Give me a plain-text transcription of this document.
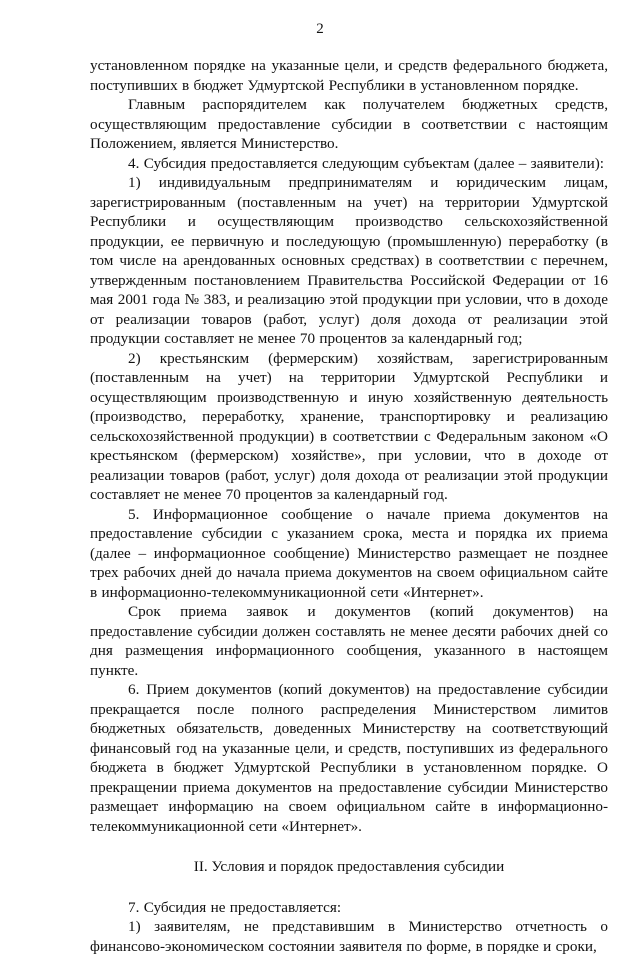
2

установленном порядке на указанные цели, и средств федерального бюджета, поступивших в бюджет Удмуртской Республики в установленном порядке.

Главным распорядителем как получателем бюджетных средств, осуществляющим предоставление субсидии в соответствии с настоящим Положением, является Министерство.

4. Субсидия предоставляется следующим субъектам (далее – заявители):

1) индивидуальным предпринимателям и юридическим лицам, зарегистрированным (поставленным на учет) на территории Удмуртской Республики и осуществляющим производство сельскохозяйственной продукции, ее первичную и последующую (промышленную) переработку (в том числе на арендованных основных средствах) в соответствии с перечнем, утвержденным постановлением Правительства Российской Федерации от 16 мая 2001 года № 383, и реализацию этой продукции при условии, что в доходе от реализации товаров (работ, услуг) доля дохода от реализации этой продукции составляет не менее 70 процентов за календарный год;

2) крестьянским (фермерским) хозяйствам, зарегистрированным (поставленным на учет) на территории Удмуртской Республики и осуществляющим производственную и иную хозяйственную деятельность (производство, переработку, хранение, транспортировку и реализацию сельскохозяйственной продукции) в соответствии с Федеральным законом «О крестьянском (фермерском) хозяйстве», при условии, что в доходе от реализации товаров (работ, услуг) доля дохода от реализации этой продукции составляет не менее 70 процентов за календарный год.

5. Информационное сообщение о начале приема документов на предоставление субсидии с указанием срока, места и порядка их приема (далее – информационное сообщение) Министерство размещает не позднее трех рабочих дней до начала приема документов на своем официальном сайте в информационно-телекоммуникационной сети «Интернет».

Срок приема заявок и документов (копий документов) на предоставление субсидии должен составлять не менее десяти рабочих дней со дня размещения информационного сообщения, указанного в настоящем пункте.

6. Прием документов (копий документов) на предоставление субсидии прекращается после полного распределения Министерством лимитов бюджетных обязательств, доведенных Министерству на соответствующий финансовый год на указанные цели, и средств, поступивших из федерального бюджета в бюджет Удмуртской Республики в установленном порядке. О прекращении приема документов на предоставление субсидии Министерство размещает информацию на своем официальном сайте в информационно-телекоммуникационной сети «Интернет».

II. Условия и порядок предоставления субсидии

7. Субсидия не предоставляется:

1) заявителям, не представившим в Министерство отчетность о финансово-экономическом состоянии заявителя по форме, в порядке и сроки,
